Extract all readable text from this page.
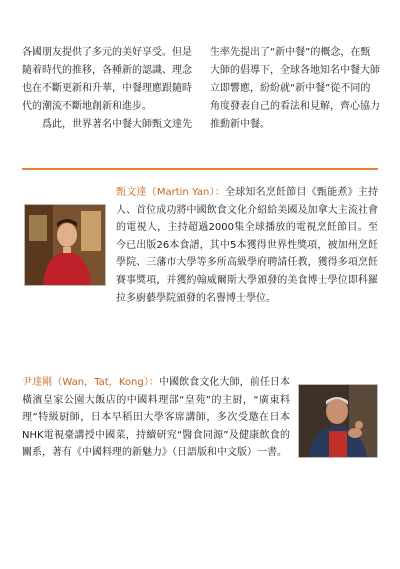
各國朋友提供了多元的美好享受。但是隨着時代的推移，各種新的認識、理念也在不斷更新和升華，中餐理應跟隨時代的潮流不斷地創新和進步。

爲此，世界著名中餐大師甄文達先

生率先提出了“新中餐”的概念，在甄大師的倡導下，全球各地知名中餐大師立即響應，紛紛就“新中餐”從不同的角度發表自己的看法和見解，齊心協力推動新中餐。

甄文達（Martin Yan）：全球知名烹飪節目《甄能煮》主持人、首位成功將中國飲食文化介紹給美國及加拿大主流社會的電視人，主持超過2000集全球播放的電視烹飪節目。至今已出版26本食譜，其中5本獲得世界性獎項，被加州烹飪學院、三藩市大學等多所高級學府聘請任教，獲得多項烹飪賽事獎項，并獲約翰威爾斯大學頒發的美食博士學位即科羅拉多廚藝學院頒發的名譽博士學位。
尹達剛（Wan，Tat，Kong）：中國飲食文化大師，前任日本橫濱皇家公園大飯店的中國料理部“皇苑”的主厨，“廣東料理”特級厨師，日本早稻田大學客席講師，多次受邀在日本NHK電視臺講授中國菜，持續研究“醫食同源”及健康飲食的關系，著有《中國料理的新魅力》（日語版和中文版）一書。
